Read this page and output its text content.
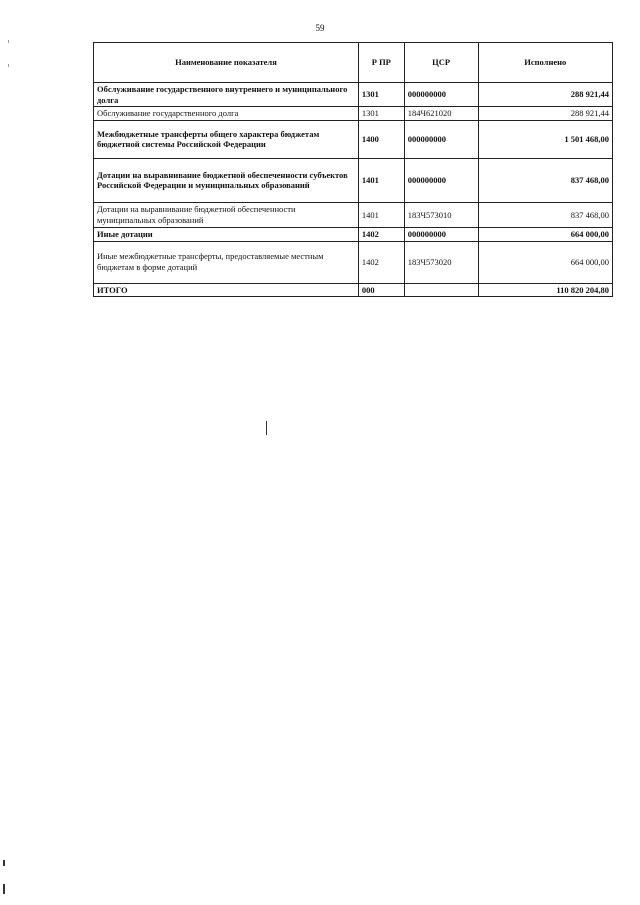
59
Наименование показателя	Р ПР	ЦСР	Исполнено
Обслуживание государственного внутреннего и муниципального долга	1301	000000000	288 921,44
Обслуживание государственного долга	1301	184Ч621020	288 921,44
Межбюджетные трансферты общего характера бюджетам бюджетной системы Российской Федерации	1400	000000000	1 501 468,00
Дотации на выравнивание бюджетной обеспеченности субъектов Российской Федерации и муниципальных образований	1401	000000000	837 468,00
Дотации на выравнивание бюджетной обеспеченности муниципальных образований	1401	183Ч573010	837 468,00
Иные дотации	1402	000000000	664 000,00
Иные межбюджетные трансферты, предоставляемые местным бюджетам в форме дотаций	1402	183Ч573020	664 000,00
ИТОГО	000		110 820 204,80
